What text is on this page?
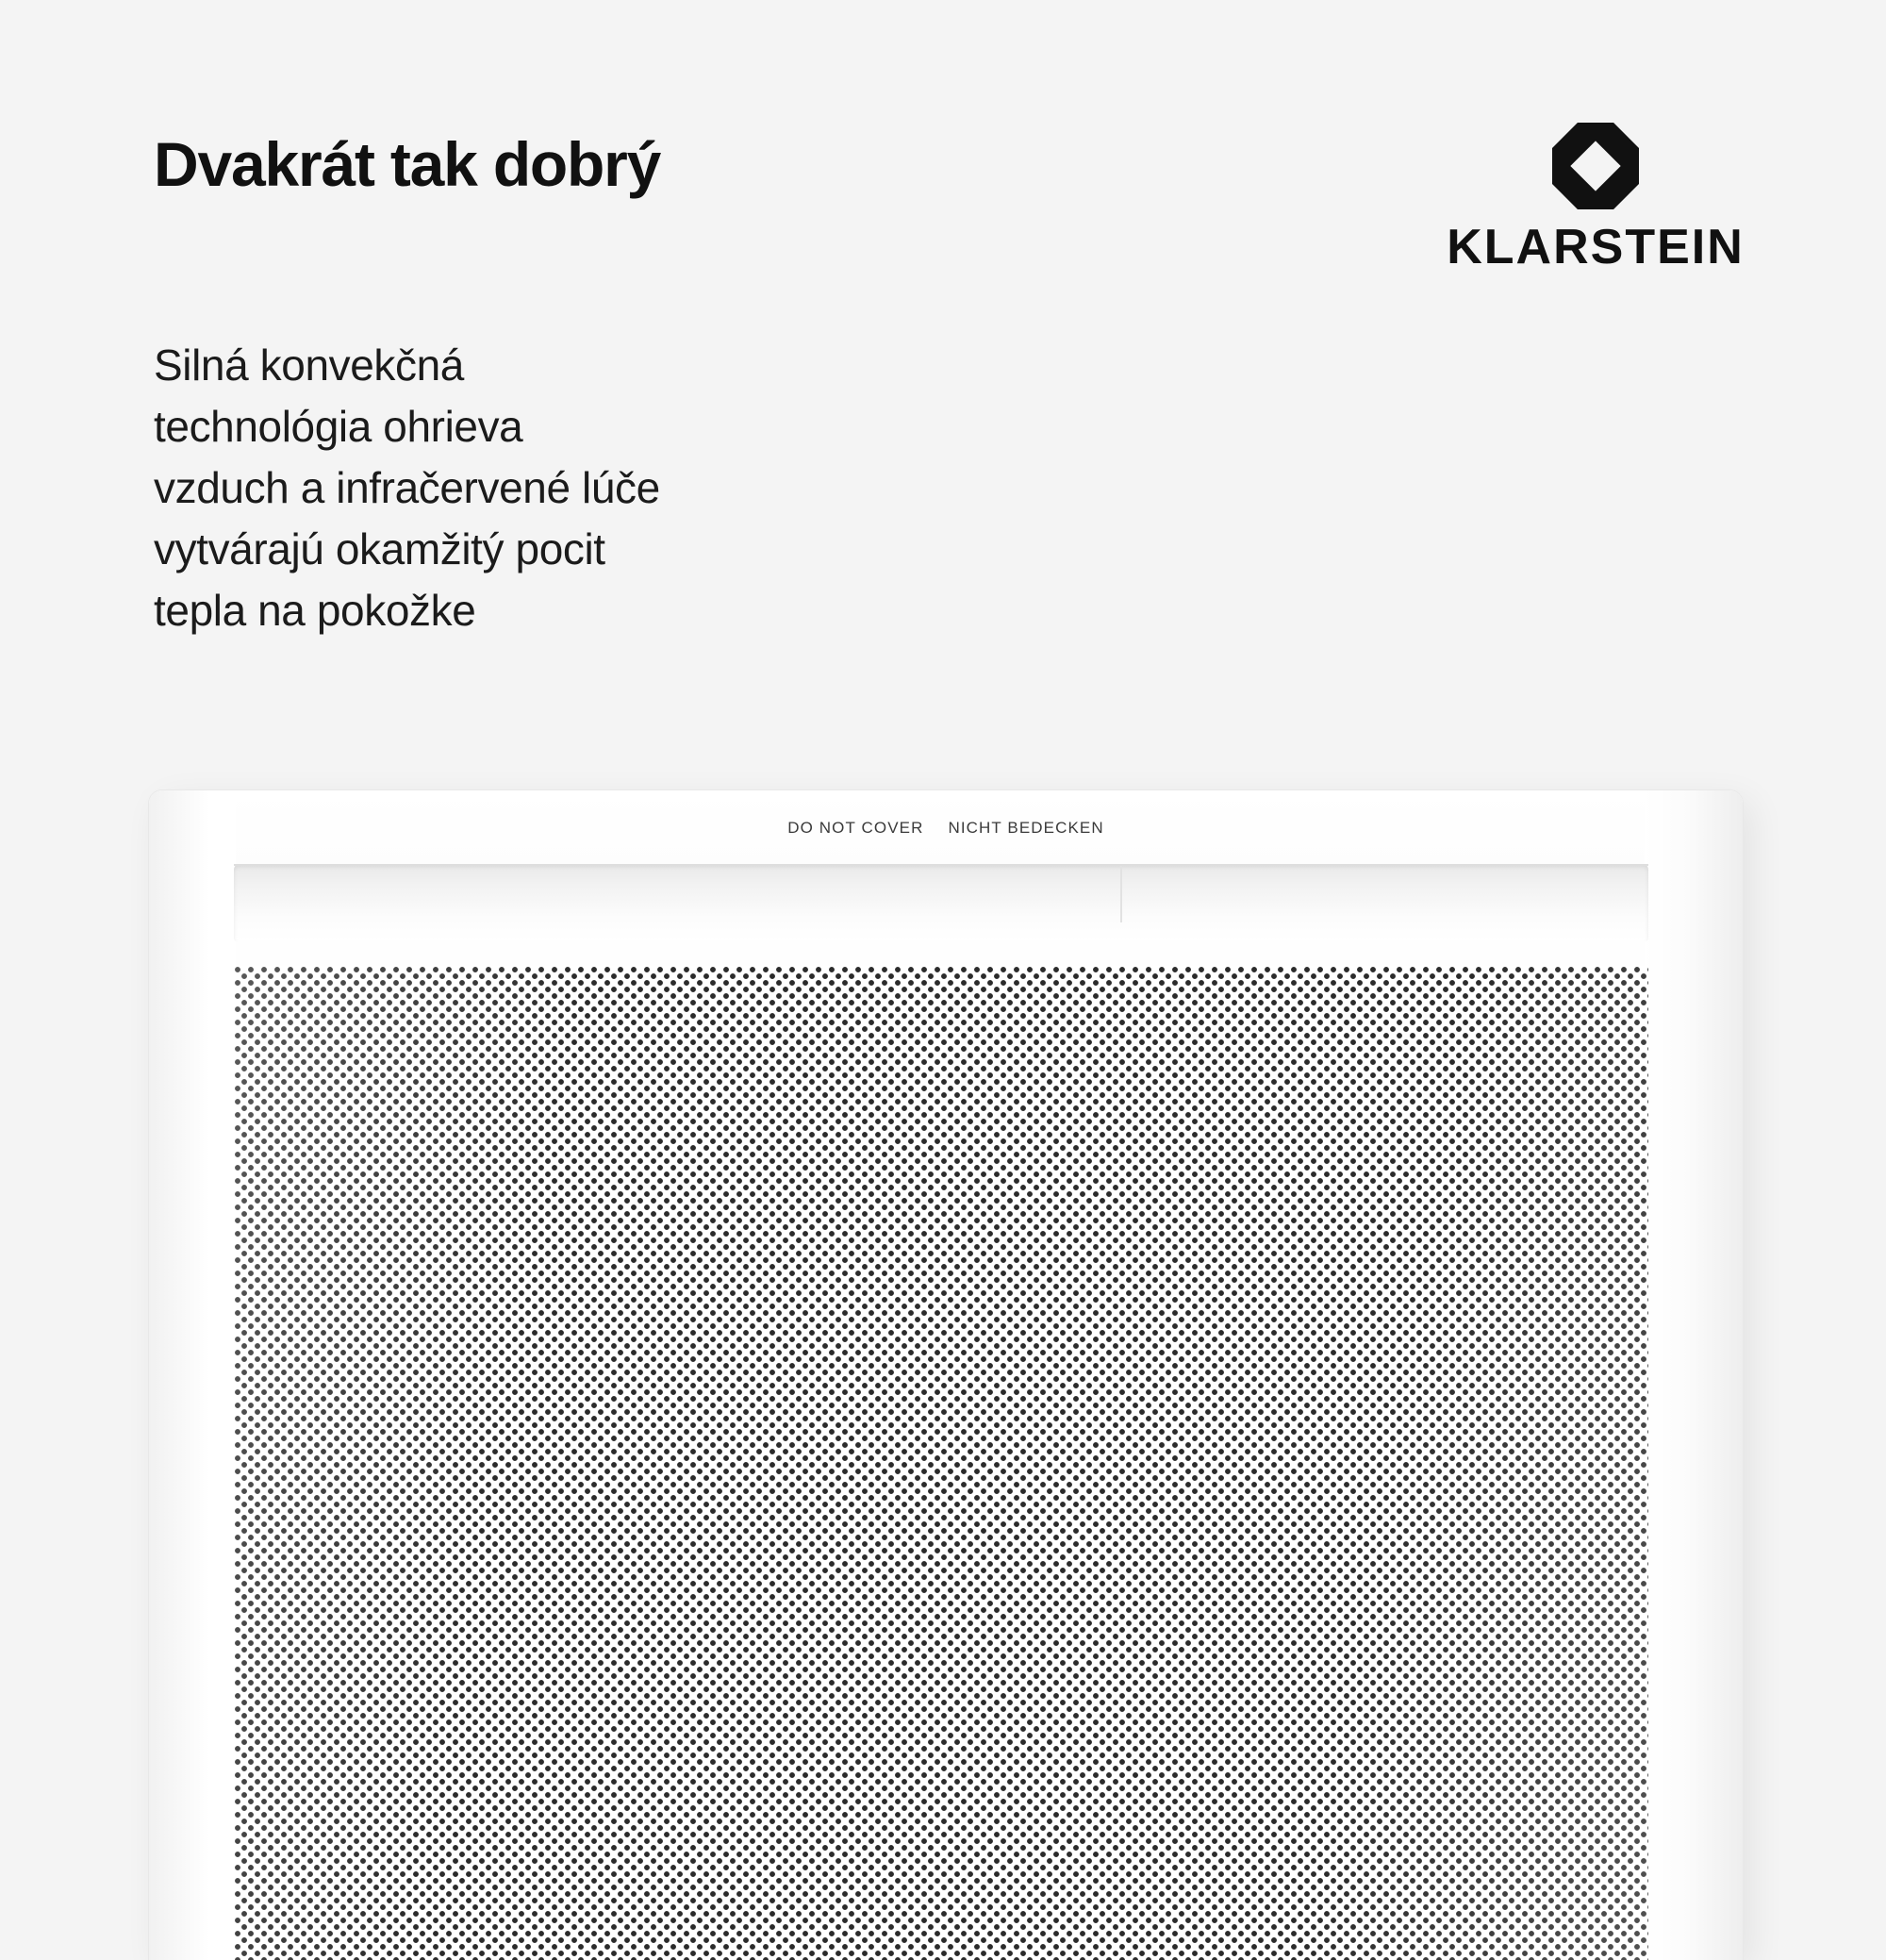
Dvakrát tak dobrý
Silná konvekčná
technológia ohrieva
vzduch a infračervené lúče
vytvárajú okamžitý pocit
tepla na pokožke
KLARSTEIN
DO NOT COVER NICHT BEDECKEN
